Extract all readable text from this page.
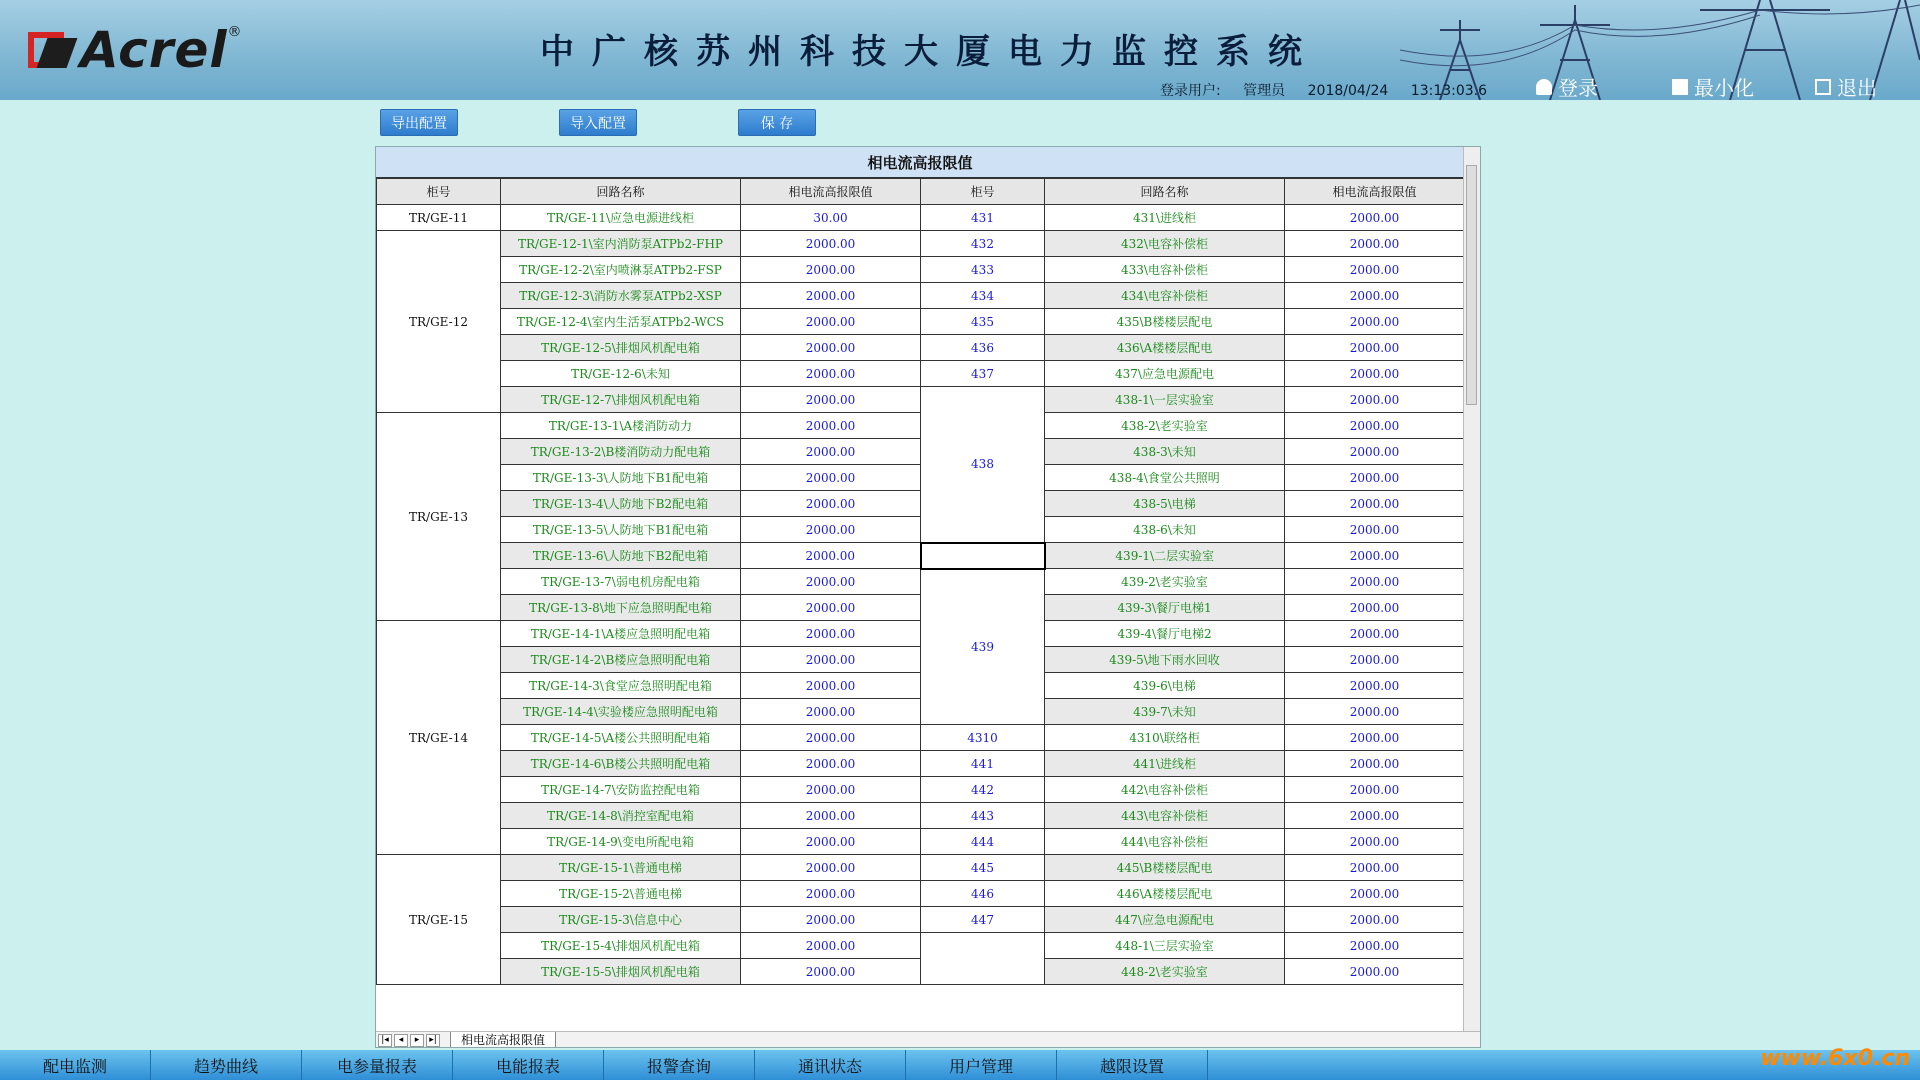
Acrel ®	中广核苏州科技大厦电力监控系统
登录用户: 管理员 2018/04/24 13:13:03.6	登录	最小化	退出
导出配置	导入配置	保 存
相电流高报限值
柜号	回路名称	相电流高报限值	柜号	回路名称	相电流高报限值
TR/GE-11	TR/GE-11\应急电源进线柜	30.00	431	431\进线柜	2000.00
TR/GE-12	TR/GE-12-1\室内消防泵ATPb2-FHP	2000.00	432	432\电容补偿柜	2000.00
	TR/GE-12-2\室内喷淋泵ATPb2-FSP	2000.00	433	433\电容补偿柜	2000.00
	TR/GE-12-3\消防水雾泵ATPb2-XSP	2000.00	434	434\电容补偿柜	2000.00
	TR/GE-12-4\室内生活泵ATPb2-WCS	2000.00	435	435\B楼楼层配电	2000.00
	TR/GE-12-5\排烟风机配电箱	2000.00	436	436\A楼楼层配电	2000.00
	TR/GE-12-6\未知	2000.00	437	437\应急电源配电	2000.00
	TR/GE-12-7\排烟风机配电箱	2000.00	438	438-1\一层实验室	2000.00
TR/GE-13	TR/GE-13-1\A楼消防动力	2000.00		438-2\老实验室	2000.00
	TR/GE-13-2\B楼消防动力配电箱	2000.00		438-3\未知	2000.00
	TR/GE-13-3\人防地下B1配电箱	2000.00		438-4\食堂公共照明	2000.00
	TR/GE-13-4\人防地下B2配电箱	2000.00		438-5\电梯	2000.00
	TR/GE-13-5\人防地下B1配电箱	2000.00		438-6\未知	2000.00
	TR/GE-13-6\人防地下B2配电箱	2000.00		439-1\二层实验室	2000.00
	TR/GE-13-7\弱电机房配电箱	2000.00	439	439-2\老实验室	2000.00
	TR/GE-13-8\地下应急照明配电箱	2000.00		439-3\餐厅电梯1	2000.00
TR/GE-14	TR/GE-14-1\A楼应急照明配电箱	2000.00		439-4\餐厅电梯2	2000.00
	TR/GE-14-2\B楼应急照明配电箱	2000.00		439-5\地下雨水回收	2000.00
	TR/GE-14-3\食堂应急照明配电箱	2000.00		439-6\电梯	2000.00
	TR/GE-14-4\实验楼应急照明配电箱	2000.00		439-7\未知	2000.00
	TR/GE-14-5\A楼公共照明配电箱	2000.00	4310	4310\联络柜	2000.00
	TR/GE-14-6\B楼公共照明配电箱	2000.00	441	441\进线柜	2000.00
	TR/GE-14-7\安防监控配电箱	2000.00	442	442\电容补偿柜	2000.00
	TR/GE-14-8\消控室配电箱	2000.00	443	443\电容补偿柜	2000.00
	TR/GE-14-9\变电所配电箱	2000.00	444	444\电容补偿柜	2000.00
TR/GE-15	TR/GE-15-1\普通电梯	2000.00	445	445\B楼楼层配电	2000.00
	TR/GE-15-2\普通电梯	2000.00	446	446\A楼楼层配电	2000.00
	TR/GE-15-3\信息中心	2000.00	447	447\应急电源配电	2000.00
	TR/GE-15-4\排烟风机配电箱	2000.00		448-1\三层实验室	2000.00
	TR/GE-15-5\排烟风机配电箱	2000.00		448-2\老实验室	2000.00
|◂	◂	▸	▸|	相电流高报限值
配电监测	趋势曲线	电参量报表	电能报表	报警查询	通讯状态	用户管理	越限设置	www.6x0.cn
